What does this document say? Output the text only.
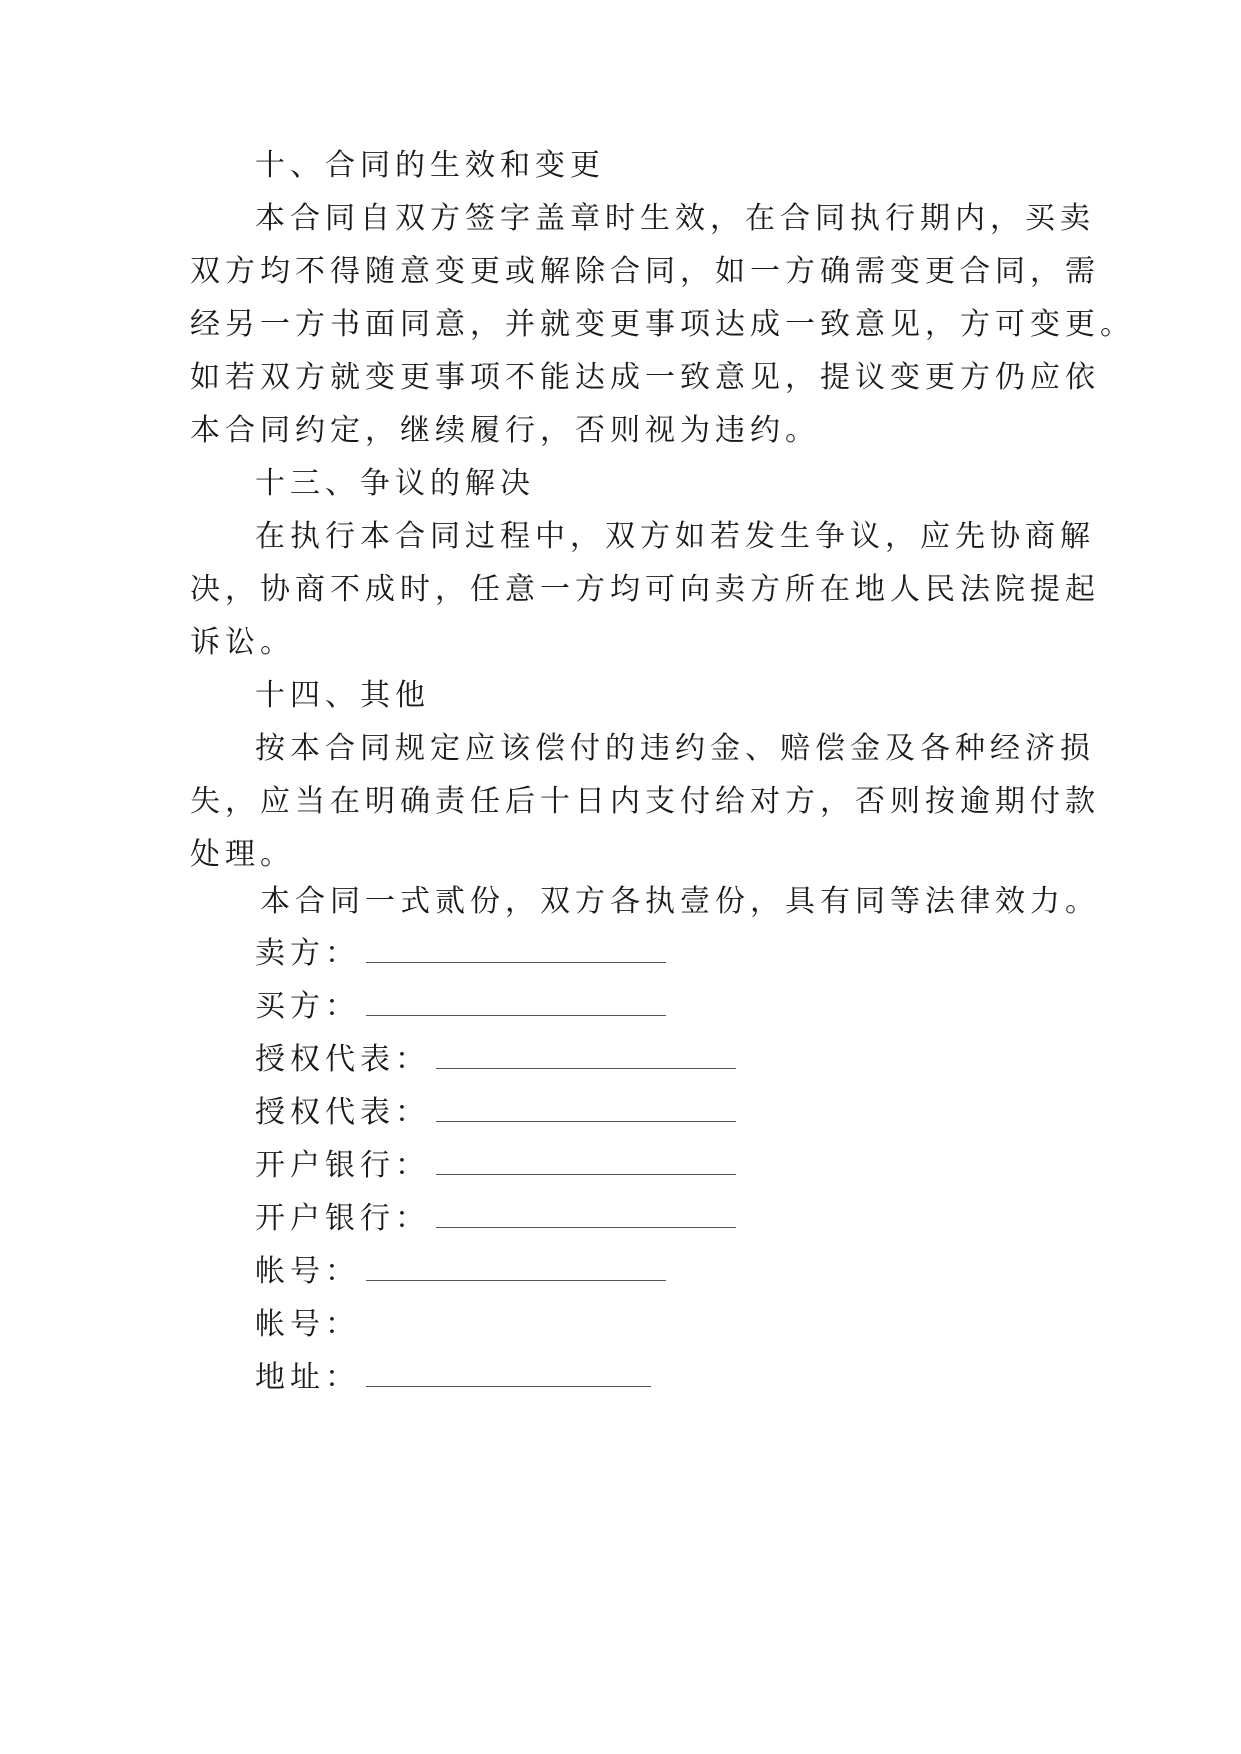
十、合同的生效和变更
本合同自双方签字盖章时生效，在合同执行期内，买卖
双方均不得随意变更或解除合同，如一方确需变更合同，需
经另一方书面同意，并就变更事项达成一致意见，方可变更。
如若双方就变更事项不能达成一致意见，提议变更方仍应依
本合同约定，继续履行，否则视为违约。
十三、争议的解决
在执行本合同过程中，双方如若发生争议，应先协商解
决，协商不成时，任意一方均可向卖方所在地人民法院提起
诉讼。
十四、其他
按本合同规定应该偿付的违约金、赔偿金及各种经济损
失，应当在明确责任后十日内支付给对方，否则按逾期付款
处理。
本合同一式贰份，双方各执壹份，具有同等法律效力。
卖方：
买方：
授权代表：
授权代表：
开户银行：
开户银行：
帐号：
帐号：
地址：
